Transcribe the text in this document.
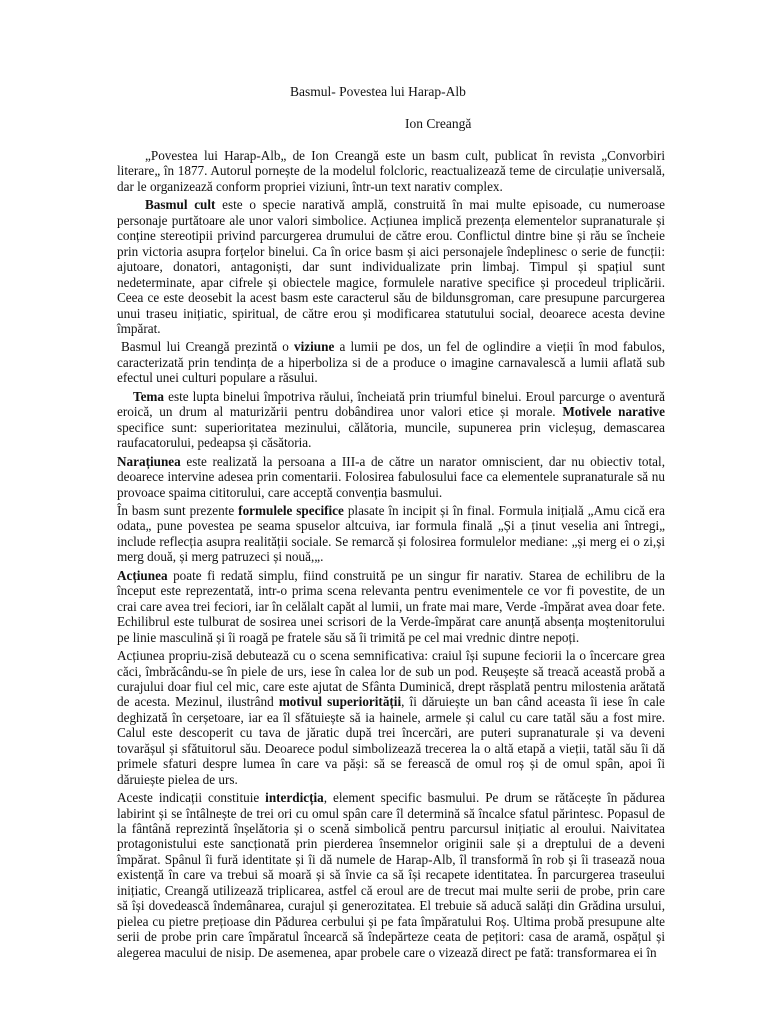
Basmul- Povestea lui Harap-Alb
Ion Creangă

„Povestea lui Harap-Alb„ de Ion Creangă este un basm cult, publicat în revista „Convorbiri literare„ în 1877. Autorul pornește de la modelul folcloric, reactualizează teme de circulație universală, dar le organizează conform propriei viziuni, într-un text narativ complex.

Basmul cult este o specie narativă amplă, construită în mai multe episoade, cu numeroase personaje purtătoare ale unor valori simbolice. Acțiunea implică prezența elementelor supranaturale și conține stereotipii privind parcurgerea drumului de către erou. Conflictul dintre bine și rău se încheie prin victoria asupra forțelor binelui. Ca în orice basm și aici personajele îndeplinesc o serie de funcții: ajutoare, donatori, antagoniști, dar sunt individualizate prin limbaj. Timpul și spațiul sunt nedeterminate, apar cifrele și obiectele magice, formulele narative specifice și procedeul triplicării. Ceea ce este deosebit la acest basm este caracterul său de bildunsgroman, care presupune parcurgerea unui traseu inițiatic, spiritual, de către erou și modificarea statutului social, deoarece acesta devine împărat.

Basmul lui Creangă prezintă o viziune a lumii pe dos, un fel de oglindire a vieții în mod fabulos, caracterizată prin tendința de a hiperboliza si de a produce o imagine carnavalescă a lumii aflată sub efectul unei culturi populare a răsului.

Tema este lupta binelui împotriva răului, încheiată prin triumful binelui. Eroul parcurge o aventură eroică, un drum al maturizării pentru dobândirea unor valori etice și morale. Motivele narative specifice sunt: superioritatea mezinului, călătoria, muncile, supunerea prin vicleșug, demascarea raufacatorului, pedeapsa și căsătoria.

Narațiunea este realizată la persoana a III-a de către un narator omniscient, dar nu obiectiv total, deoarece intervine adesea prin comentarii. Folosirea fabulosului face ca elementele supranaturale să nu provoace spaima cititorului, care acceptă convenția basmului.

În basm sunt prezente formulele specifice plasate în incipit și în final. Formula inițială „Amu cică era odata„ pune povestea pe seama spuselor altcuiva, iar formula finală „Și a ținut veselia ani întregi„ include reflecția asupra realității sociale. Se remarcă și folosirea formulelor mediane: „și merg ei o zi,și merg două, și merg patruzeci și nouă,„.

Acțiunea poate fi redată simplu, fiind construită pe un singur fir narativ. Starea de echilibru de la început este reprezentată, intr-o prima scena relevanta pentru evenimentele ce vor fi povestite, de un crai care avea trei feciori, iar în celălalt capăt al lumii, un frate mai mare, Verde -împărat avea doar fete. Echilibrul este tulburat de sosirea unei scrisori de la Verde-împărat care anunță absența moștenitorului pe linie masculină și îi roagă pe fratele său să îi trimită pe cel mai vrednic dintre nepoți.

Acțiunea propriu-zisă debutează cu o scena semnificativa: craiul își supune feciorii la o încercare grea căci, îmbrăcându-se în piele de urs, iese în calea lor de sub un pod. Reușește să treacă această probă a curajului doar fiul cel mic, care este ajutat de Sfânta Duminică, drept răsplată pentru milostenia arătată de acesta. Mezinul, ilustrând motivul superiorității, îi dăruiește un ban când aceasta îi iese în cale deghizată în cerșetoare, iar ea îl sfătuiește să ia hainele, armele și calul cu care tatăl său a fost mire. Calul este descoperit cu tava de jăratic după trei încercări, are puteri supranaturale și va deveni tovarășul și sfătuitorul său. Deoarece podul simbolizează trecerea la o altă etapă a vieții, tatăl său îi dă primele sfaturi despre lumea în care va păși: să se ferească de omul roș și de omul spân, apoi îi dăruiește pielea de urs.

Aceste indicații constituie interdicția, element specific basmului. Pe drum se rătăcește în pădurea labirint și se întâlnește de trei ori cu omul spân care îl determină să încalce sfatul părintesc. Popasul de la fântână reprezintă înșelătoria și o scenă simbolică pentru parcursul inițiatic al eroului. Naivitatea protagonistului este sancționată prin pierderea însemnelor originii sale și a dreptului de a deveni împărat. Spânul îi fură identitate și îi dă numele de Harap-Alb, îl transformă în rob și îi trasează noua existență în care va trebui să moară și să învie ca să își recapete identitatea. În parcurgerea traseului inițiatic, Creangă utilizează triplicarea, astfel că eroul are de trecut mai multe serii de probe, prin care să își dovedească îndemânarea, curajul și generozitatea. El trebuie să aducă salăți din Grădina ursului, pielea cu pietre prețioase din Pădurea cerbului și pe fata împăratului Roș. Ultima probă presupune alte serii de probe prin care împăratul încearcă să îndepărteze ceata de pețitori: casa de aramă, ospățul și alegerea macului de nisip. De asemenea, apar probele care o vizează direct pe fată: transformarea ei în
